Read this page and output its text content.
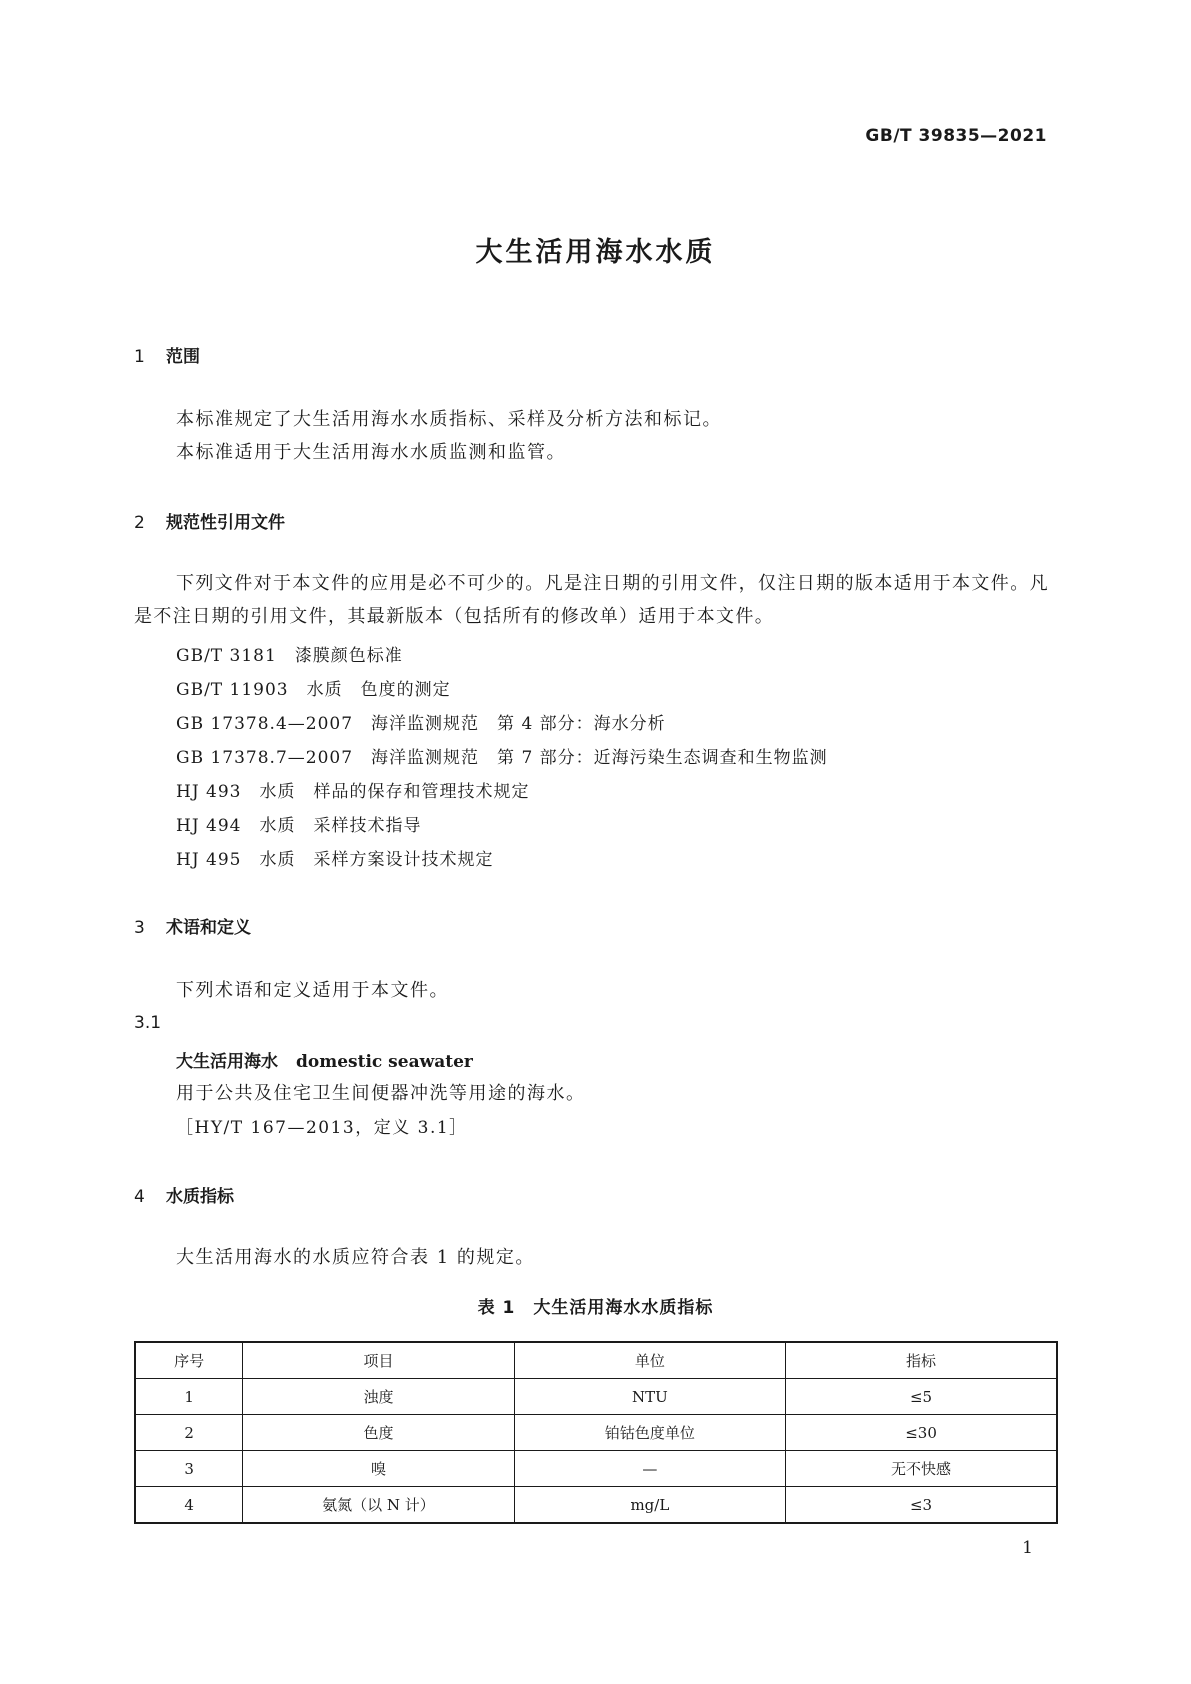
GB/T 39835—2021
大生活用海水水质
1 范围
本标准规定了大生活用海水水质指标、采样及分析方法和标记。
本标准适用于大生活用海水水质监测和监管。
2 规范性引用文件
下列文件对于本文件的应用是必不可少的。凡是注日期的引用文件，仅注日期的版本适用于本文件。凡是不注日期的引用文件，其最新版本（包括所有的修改单）适用于本文件。
GB/T 3181 漆膜颜色标准
GB/T 11903 水质　色度的测定
GB 17378.4—2007 海洋监测规范　第 4 部分：海水分析
GB 17378.7—2007 海洋监测规范　第 7 部分：近海污染生态调查和生物监测
HJ 493 水质　样品的保存和管理技术规定
HJ 494 水质　采样技术指导
HJ 495 水质　采样方案设计技术规定
3 术语和定义
下列术语和定义适用于本文件。
3.1
大生活用海水 domestic seawater
用于公共及住宅卫生间便器冲洗等用途的海水。
［HY/T 167—2013，定义 3.1］
4 水质指标
大生活用海水的水质应符合表 1 的规定。
表 1　大生活用海水水质指标
序号	项目	单位	指标
1	浊度	NTU	≤5
2	色度	铂钴色度单位	≤30
3	嗅	—	无不快感
4	氨氮（以 N 计）	mg/L	≤3
1
